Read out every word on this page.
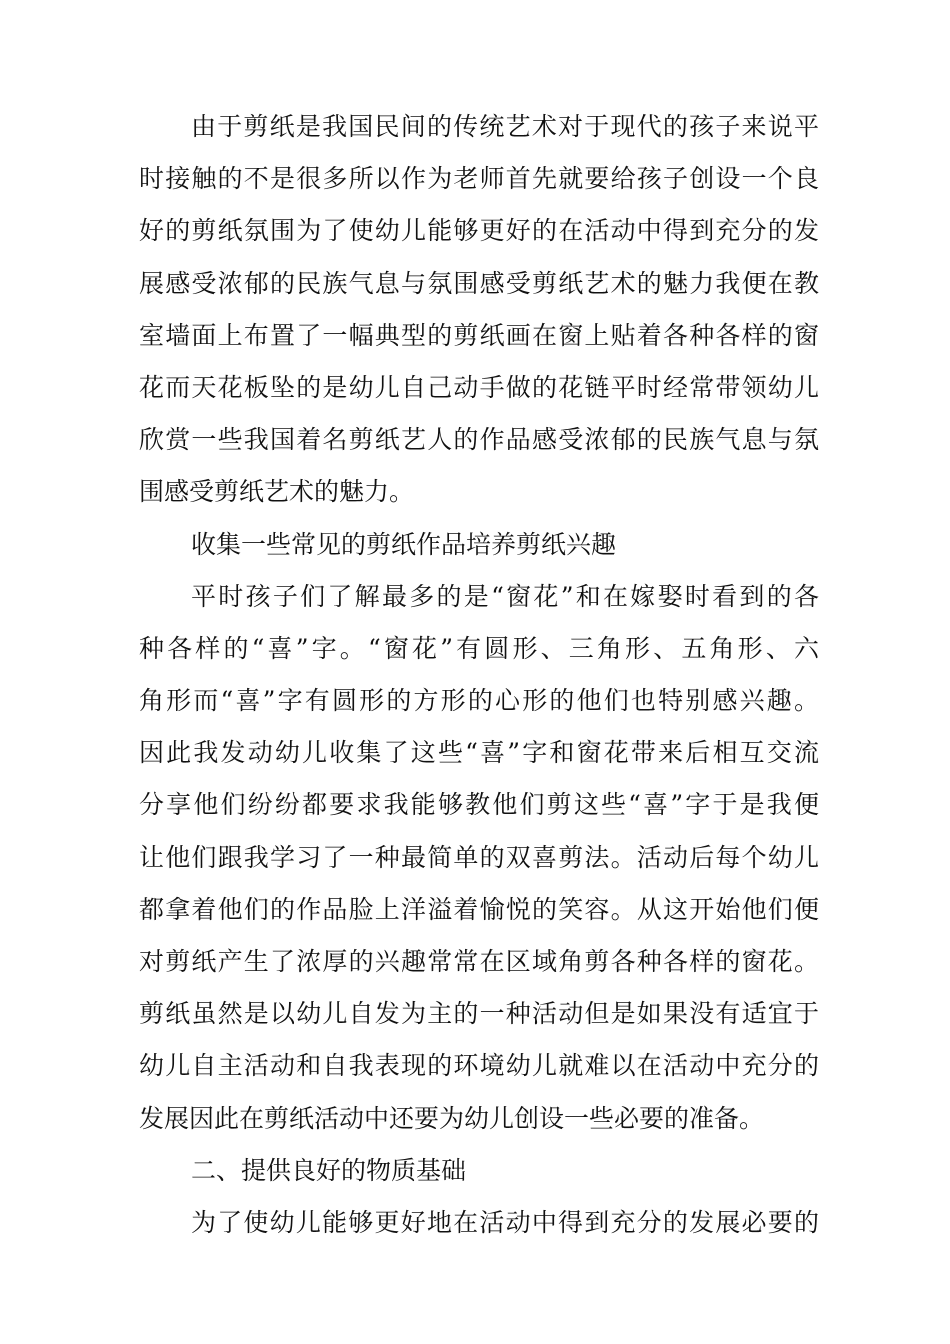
由于剪纸是我国民间的传统艺术对于现代的孩子来说平
时接触的不是很多所以作为老师首先就要给孩子创设一个良
好的剪纸氛围为了使幼儿能够更好的在活动中得到充分的发
展感受浓郁的民族气息与氛围感受剪纸艺术的魅力我便在教
室墙面上布置了一幅典型的剪纸画在窗上贴着各种各样的窗
花而天花板坠的是幼儿自己动手做的花链平时经常带领幼儿
欣赏一些我国着名剪纸艺人的作品感受浓郁的民族气息与氛
围感受剪纸艺术的魅力。
收集一些常见的剪纸作品培养剪纸兴趣
平时孩子们了解最多的是“窗花”和在嫁娶时看到的各
种各样的“喜”字。“窗花”有圆形、三角形、五角形、六
角形而“喜”字有圆形的方形的心形的他们也特别感兴趣。
因此我发动幼儿收集了这些“喜”字和窗花带来后相互交流
分享他们纷纷都要求我能够教他们剪这些“喜”字于是我便
让他们跟我学习了一种最简单的双喜剪法。活动后每个幼儿
都拿着他们的作品脸上洋溢着愉悦的笑容。从这开始他们便
对剪纸产生了浓厚的兴趣常常在区域角剪各种各样的窗花。
剪纸虽然是以幼儿自发为主的一种活动但是如果没有适宜于
幼儿自主活动和自我表现的环境幼儿就难以在活动中充分的
发展因此在剪纸活动中还要为幼儿创设一些必要的准备。
二、提供良好的物质基础
为了使幼儿能够更好地在活动中得到充分的发展必要的
